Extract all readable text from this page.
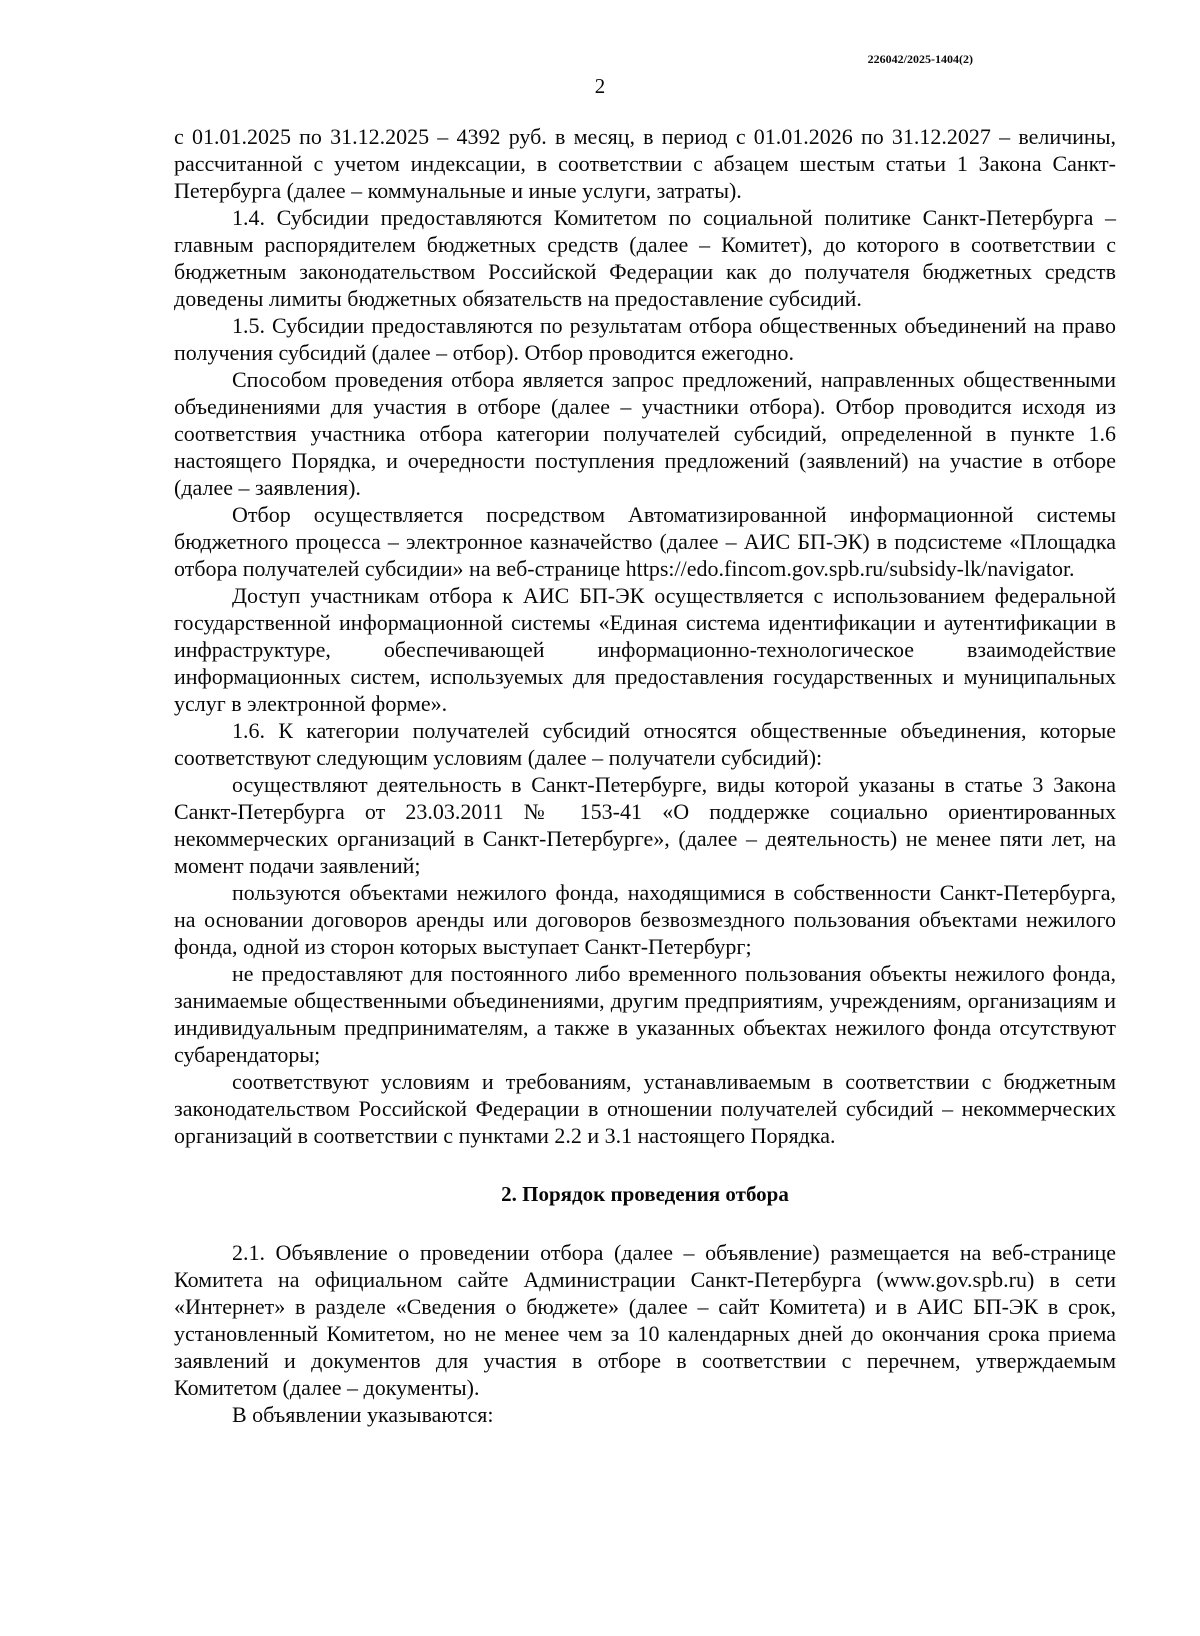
226042/2025-1404(2)
2

с 01.01.2025 по 31.12.2025 – 4392 руб. в месяц, в период с 01.01.2026 по 31.12.2027 – величины, рассчитанной с учетом индексации, в соответствии с абзацем шестым статьи 1 Закона Санкт-Петербурга (далее – коммунальные и иные услуги, затраты).

1.4. Субсидии предоставляются Комитетом по социальной политике Санкт-Петербурга – главным распорядителем бюджетных средств (далее – Комитет), до которого в соответствии с бюджетным законодательством Российской Федерации как до получателя бюджетных средств доведены лимиты бюджетных обязательств на предоставление субсидий.

1.5. Субсидии предоставляются по результатам отбора общественных объединений на право получения субсидий (далее – отбор). Отбор проводится ежегодно.

Способом проведения отбора является запрос предложений, направленных общественными объединениями для участия в отборе (далее – участники отбора). Отбор проводится исходя из соответствия участника отбора категории получателей субсидий, определенной в пункте 1.6 настоящего Порядка, и очередности поступления предложений (заявлений) на участие в отборе (далее – заявления).

Отбор осуществляется посредством Автоматизированной информационной системы бюджетного процесса – электронное казначейство (далее – АИС БП-ЭК) в подсистеме «Площадка отбора получателей субсидии» на веб-странице https://edo.fincom.gov.spb.ru/subsidy-lk/navigator.

Доступ участникам отбора к АИС БП-ЭК осуществляется с использованием федеральной государственной информационной системы «Единая система идентификации и аутентификации в инфраструктуре, обеспечивающей информационно-технологическое взаимодействие информационных систем, используемых для предоставления государственных и муниципальных услуг в электронной форме».

1.6. К категории получателей субсидий относятся общественные объединения, которые соответствуют следующим условиям (далее – получатели субсидий):

осуществляют деятельность в Санкт-Петербурге, виды которой указаны в статье 3 Закона Санкт-Петербурга от 23.03.2011 № 153-41 «О поддержке социально ориентированных некоммерческих организаций в Санкт-Петербурге», (далее – деятельность) не менее пяти лет, на момент подачи заявлений;

пользуются объектами нежилого фонда, находящимися в собственности Санкт-Петербурга, на основании договоров аренды или договоров безвозмездного пользования объектами нежилого фонда, одной из сторон которых выступает Санкт-Петербург;

не предоставляют для постоянного либо временного пользования объекты нежилого фонда, занимаемые общественными объединениями, другим предприятиям, учреждениям, организациям и индивидуальным предпринимателям, а также в указанных объектах нежилого фонда отсутствуют субарендаторы;

соответствуют условиям и требованиям, устанавливаемым в соответствии с бюджетным законодательством Российской Федерации в отношении получателей субсидий – некоммерческих организаций в соответствии с пунктами 2.2 и 3.1 настоящего Порядка.

2. Порядок проведения отбора

2.1. Объявление о проведении отбора (далее – объявление) размещается на веб-странице Комитета на официальном сайте Администрации Санкт-Петербурга (www.gov.spb.ru) в сети «Интернет» в разделе «Сведения о бюджете» (далее – сайт Комитета) и в АИС БП-ЭК в срок, установленный Комитетом, но не менее чем за 10 календарных дней до окончания срока приема заявлений и документов для участия в отборе в соответствии с перечнем, утверждаемым Комитетом (далее – документы).

В объявлении указываются:
